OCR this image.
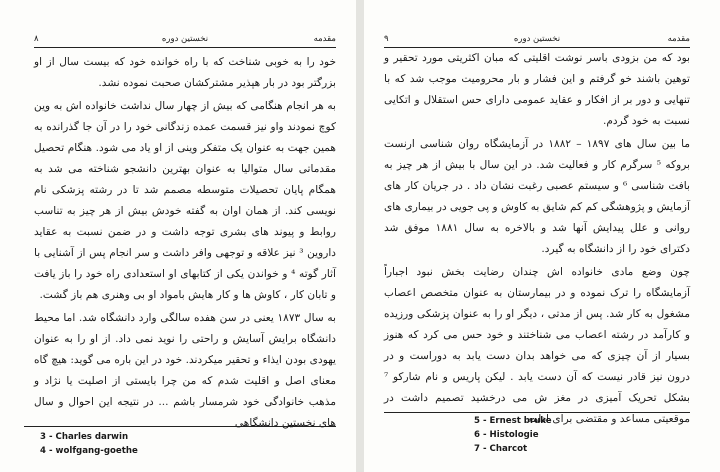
٨	نخستین دوره	مقدمه

خود را به خوبی شناخت که با راه خوانده خود که بیست سال از او بزرگتر بود در بار هپذیر مشترکشان صحبت نموده نشد.

به هر انجام هنگامی که بیش از چهار سال نداشت خانواده اش به وین کوچ نمودند واو نیز قسمت عمده زندگانی خود را در آن جا گذرانده به همین جهت به عنوان یک متفکر وینی از او یاد می شود. هنگام تحصیل مقدماتی سال متوالیا به عنوان بهترین دانشجو شناخته می شد به همگام پایان تحصیلات متوسطه مصمم شد تا در رشته پزشکی نام نویسی کند. از همان اوان به گفته خودش بیش از هر چیز به تناسب روابط و پیوند های بشری توجه داشت و در ضمن نسبت به عقاید داروین ³ نیز علاقه و توجهی وافر داشت و سر انجام پس از آشنایی با آثار گوته ⁴ و خواندن یکی از کتابهای او استعدادی راه خود را باز یافت و تابان کار ، کاوش ها و کار هایش بامواد او بی وهنری هم باز گشت.

به سال ۱۸۷۳ یعنی در سن هفده سالگی وارد دانشگاه شد. اما محیط دانشگاه برایش آسایش و راحتی را نوید نمی داد. از او را به عنوان یهودی بودن ایذاء و تحقیر میکردند. خود در این باره می گوید: هیچ گاه معنای اصل و اقلیت شدم که من چرا بایستی از اصلیت یا نژاد و مذهب خانوادگی خود شرمسار باشم ... در نتیجه این احوال و سال های نخستین دانشگاهی

3 - Charles darwin
4 - wolfgang-goethe
٩	نخستین دوره	مقدمه

بود که من بزودی باسر نوشت اقلیتی که مبان اکثریتی مورد تحقیر و توهین باشند خو گرفتم و این فشار و بار محرومیت موجب شد که با تنهایی و دور بر از افکار و عقاید عمومی دارای حس استقلال و اتکایی نسبت به خود گردم.

ما بین سال های ۱۸۹۷ – ۱۸۸۲ در آزمایشگاه روان شناسی ارنست بروکه ⁵ سرگرم کار و فعالیت شد. در این سال با بیش از هر چیز به بافت شناسی ⁶ و سیستم عصبی رغبت نشان داد . در جریان کار های آزمایش و پژوهشگی کم کم شایق به کاوش و پی جویی در بیماری های روانی و علل پیدایش آنها شد و بالاخره به سال ۱۸۸۱ موفق شد دکترای خود را از دانشگاه به گیرد.

چون وضع مادی خانواده اش چندان رضایت بخش نبود اجباراً آزمایشگاه را ترک نموده و در بیمارستان به عنوان متخصص اعصاب مشغول به کار شد. پس از مدتی ، دیگر او را به عنوان پزشکی ورزیده و کارآمد در رشته اعصاب می شناختند و خود حس می کرد که هنوز بسیار از آن چیزی که می خواهد بدان دست یابد به دوراست و در درون نیز قادر نیست که آن دست یابد . لیکن پاریس و نام شارکو ⁷ بشکل تحریک آمیزی در مغز ش می درخشید تصمیم داشت در موقعیتی مساعد و مقتضی برای ادامه

5 - Ernest bruke
6 - Histologie
7 - Charcot
